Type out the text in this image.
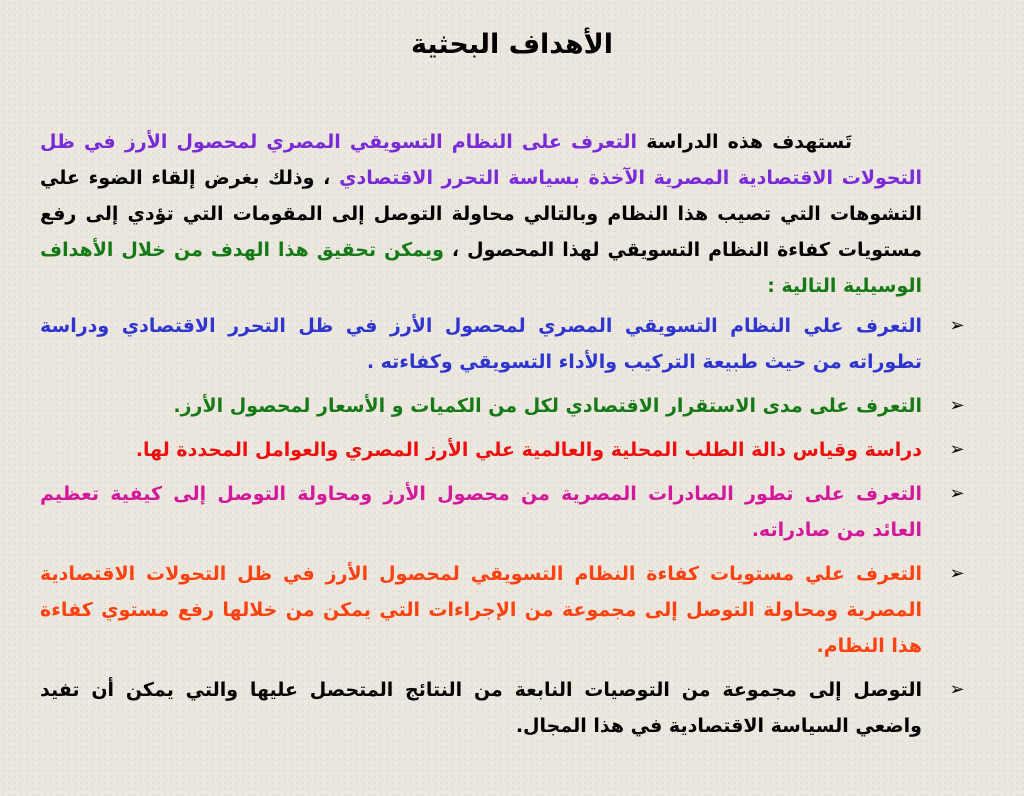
الأهداف البحثية

تَستهدف هذه الدراسة التعرف على النظام التسويقي المصري لمحصول الأرز في ظل التحولات الاقتصادية المصرية الآخذة بسياسة التحرر الاقتصادي ، وذلك بغرض إلقاء الضوء علي التشوهات التي تصيب هذا النظام وبالتالي محاولة التوصل إلى المقومات التي تؤدي إلى رفع مستويات كفاءة النظام التسويقي لهذا المحصول ، ويمكن تحقيق هذا الهدف من خلال الأهداف الوسيلية التالية :

➢
التعرف علي النظام التسويقي المصري لمحصول الأرز في ظل التحرر الاقتصادي ودراسة تطوراته من حيث طبيعة التركيب والأداء التسويقي وكفاءته .
➢
التعرف على مدى الاستقرار الاقتصادي لكل من الكميات و الأسعار لمحصول الأرز.
➢
دراسة وقياس دالة الطلب المحلية والعالمية علي الأرز المصري والعوامل المحددة لها.
➢
التعرف على تطور الصادرات المصرية من محصول الأرز ومحاولة التوصل إلى كيفية تعظيم العائد من صادراته.
➢
التعرف علي مستويات كفاءة النظام التسويقي لمحصول الأرز في ظل التحولات الاقتصادية المصرية ومحاولة التوصل إلى مجموعة من الإجراءات التي يمكن من خلالها رفع مستوي كفاءة هذا النظام.
➢
التوصل إلى مجموعة من التوصيات النابعة من النتائج المتحصل عليها والتي يمكن أن تفيد واضعي السياسة الاقتصادية في هذا المجال.
